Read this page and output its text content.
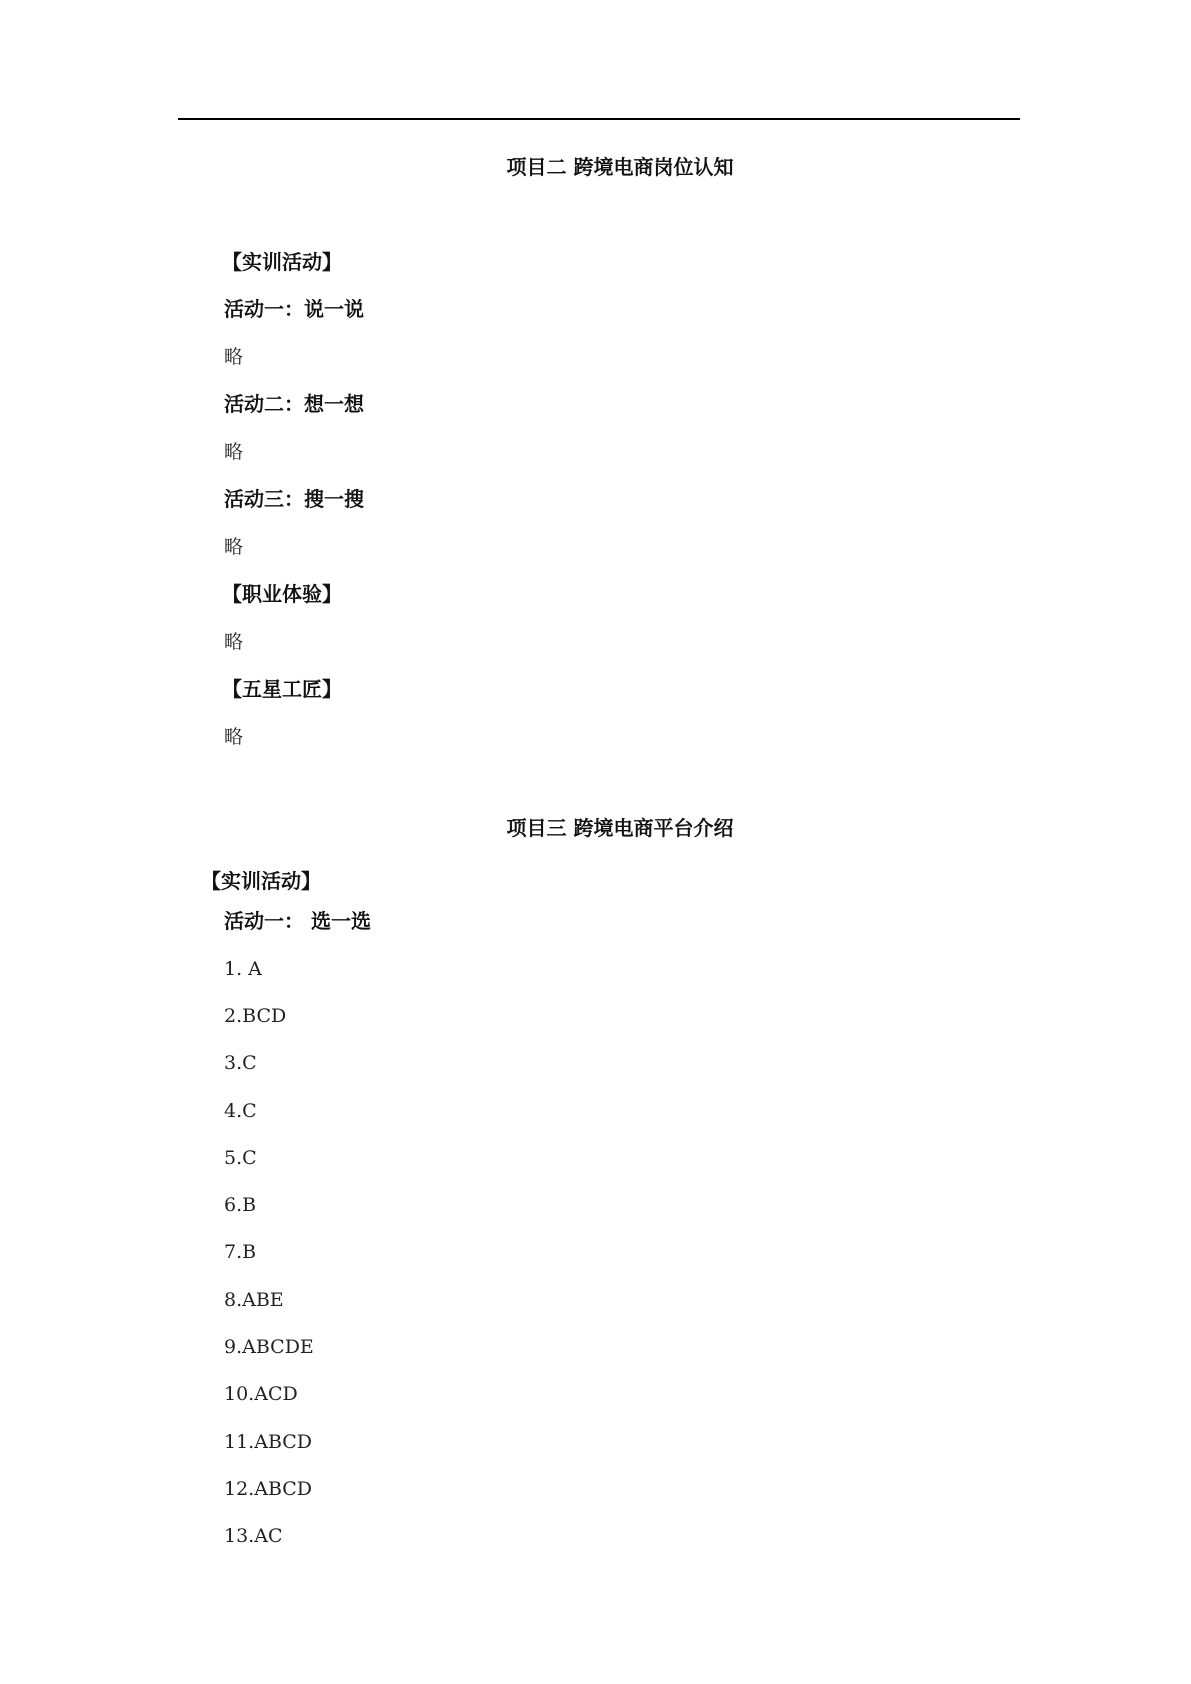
项目二 跨境电商岗位认知
【实训活动】
活动一：说一说
略
活动二：想一想
略
活动三：搜一搜
略
【职业体验】
略
【五星工匠】
略
项目三 跨境电商平台介绍
【实训活动】
活动一： 选一选
1. A
2.BCD
3.C
4.C
5.C
6.B
7.B
8.ABE
9.ABCDE
10.ACD
11.ABCD
12.ABCD
13.AC
